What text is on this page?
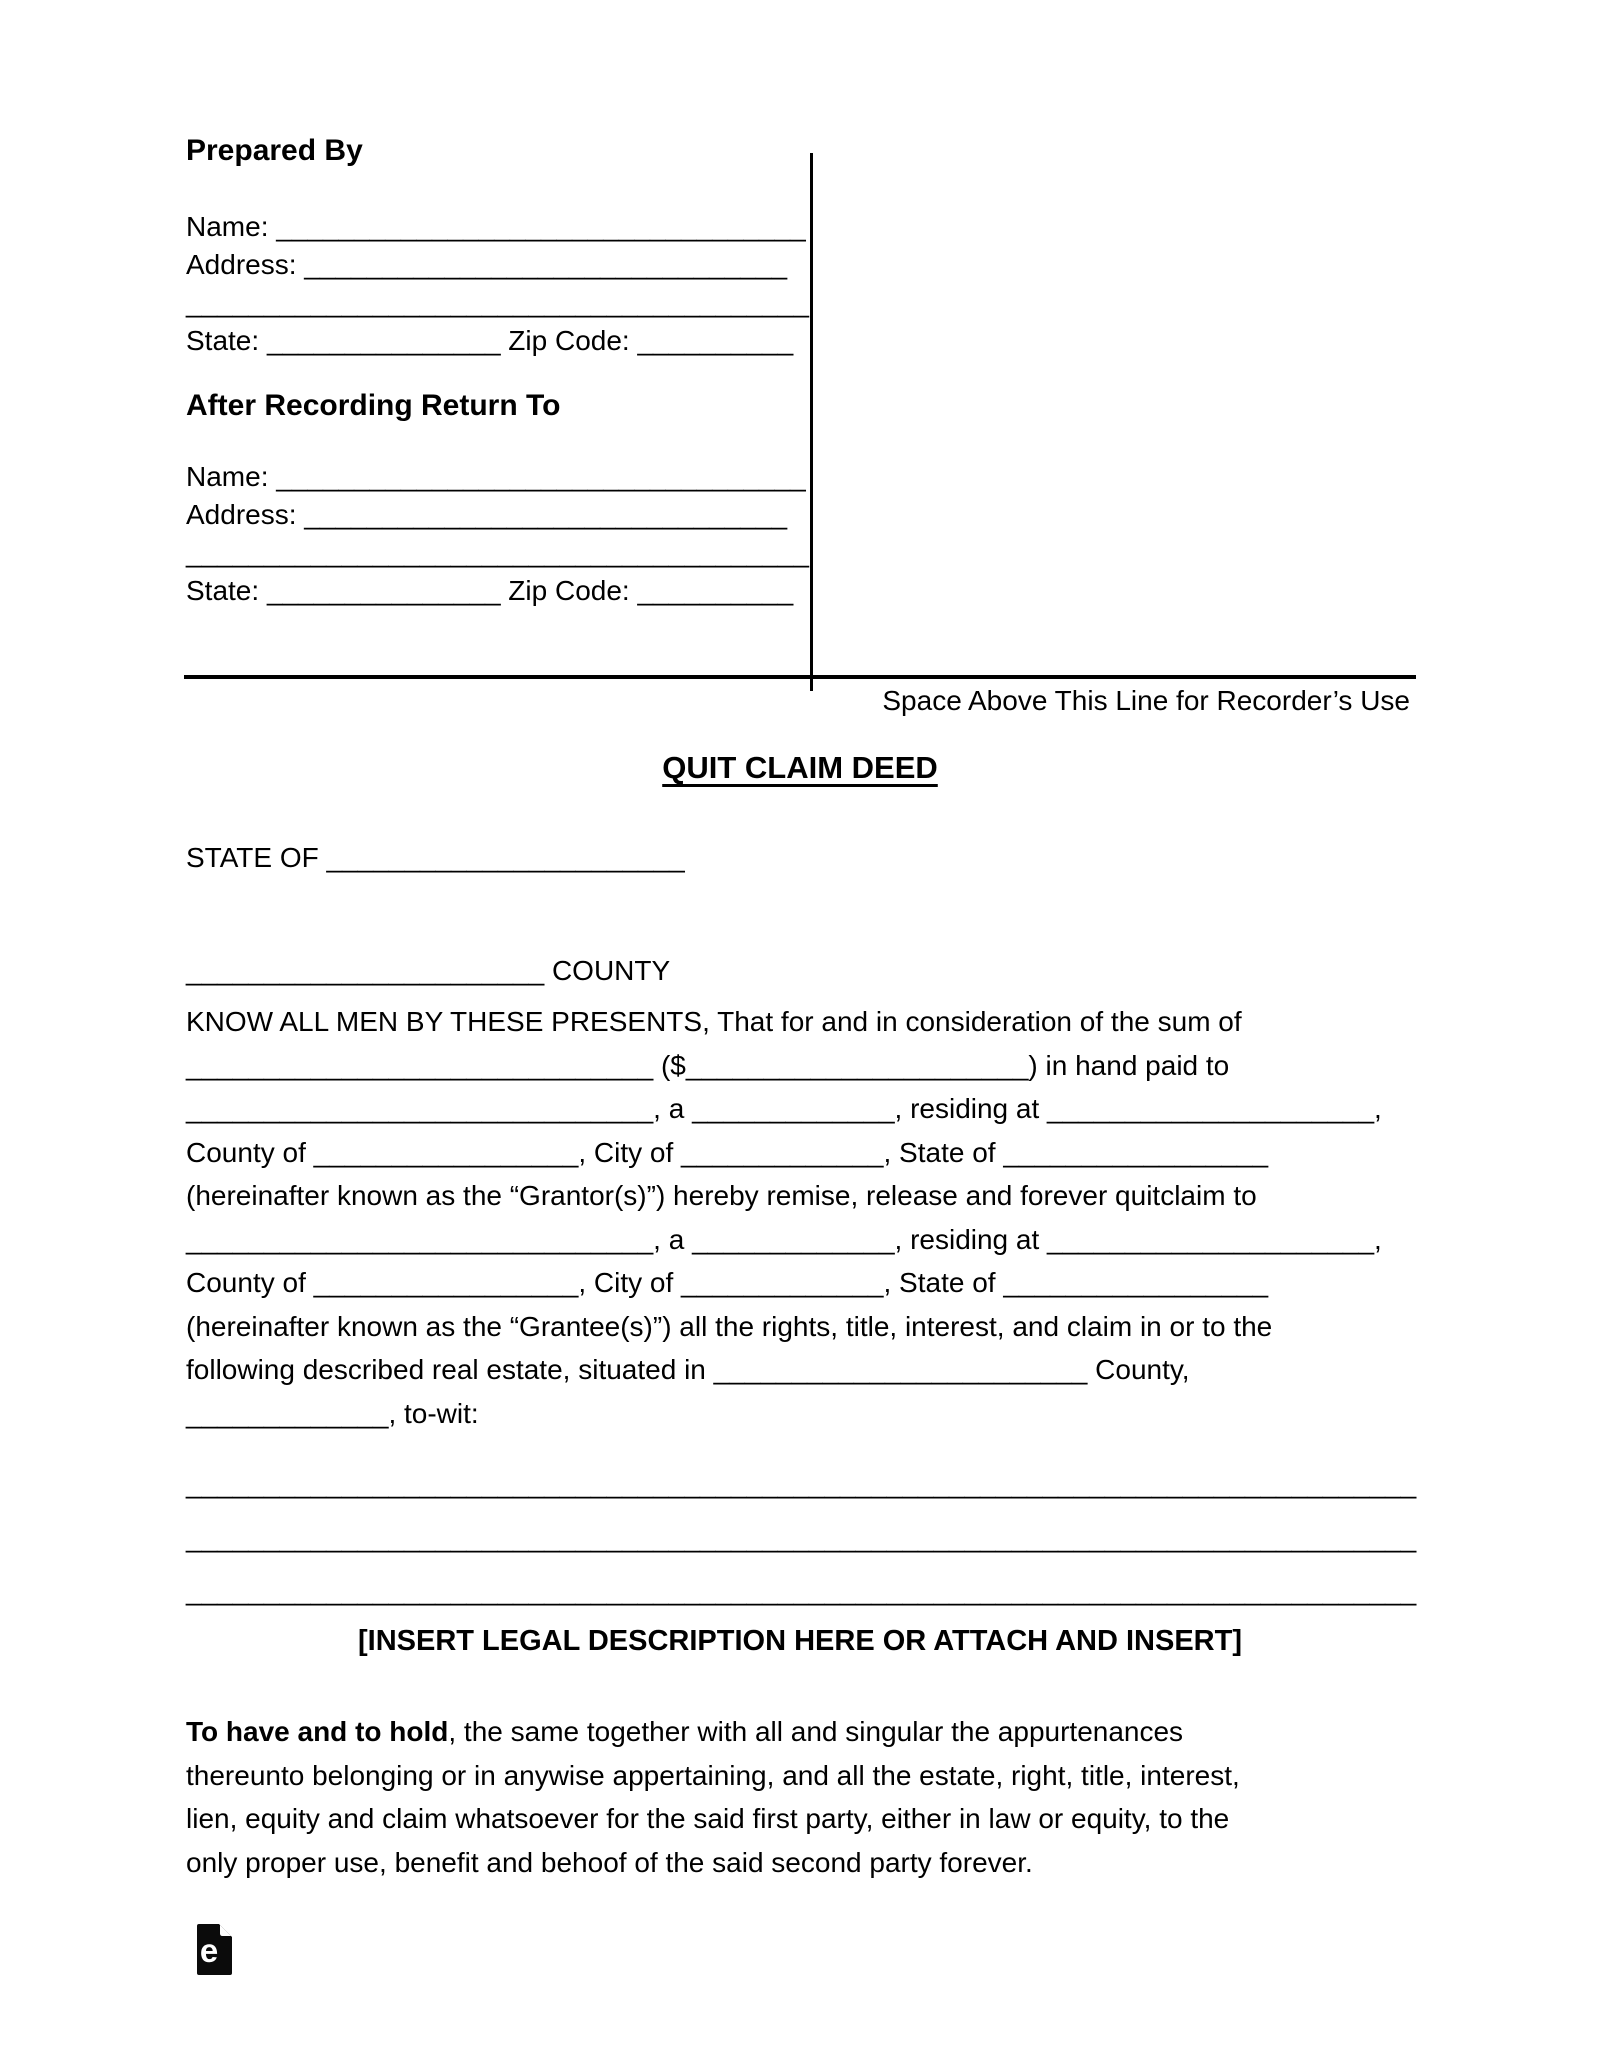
Prepared By
Name: __________________________________
Address: _______________________________
________________________________________
State: _______________ Zip Code: __________
After Recording Return To
Name: __________________________________
Address: _______________________________
________________________________________
State: _______________ Zip Code: __________
Space Above This Line for Recorder’s Use
QUIT CLAIM DEED
STATE OF _______________________
_______________________ COUNTY
KNOW ALL MEN BY THESE PRESENTS, That for and in consideration of the sum of
______________________________ ($______________________) in hand paid to
______________________________, a _____________, residing at _____________________,
County of _________________, City of _____________, State of _________________
(hereinafter known as the “Grantor(s)”) hereby remise, release and forever quitclaim to
______________________________, a _____________, residing at _____________________,
County of _________________, City of _____________, State of _________________
(hereinafter known as the “Grantee(s)”) all the rights, title, interest, and claim in or to the
following described real estate, situated in ________________________ County,
_____________, to-wit:
_______________________________________________________________________________
_______________________________________________________________________________
_______________________________________________________________________________
[INSERT LEGAL DESCRIPTION HERE OR ATTACH AND INSERT]
To have and to hold, the same together with all and singular the appurtenances
thereunto belonging or in anywise appertaining, and all the estate, right, title, interest,
lien, equity and claim whatsoever for the said first party, either in law or equity, to the
only proper use, benefit and behoof of the said second party forever.
e
